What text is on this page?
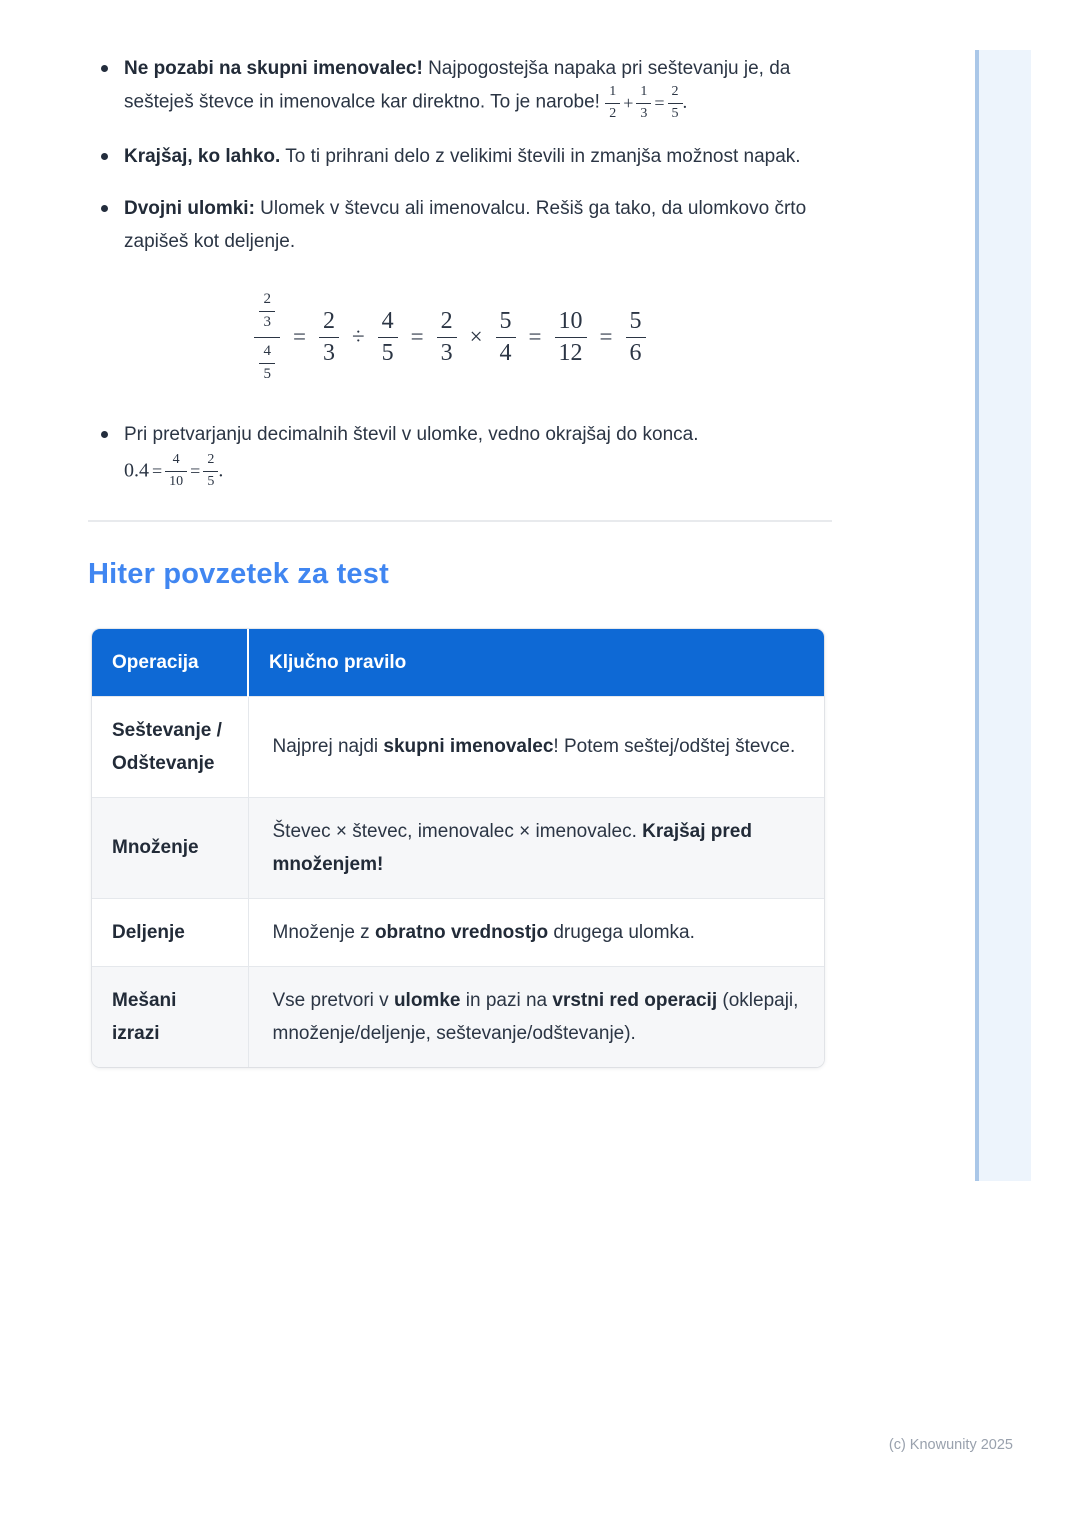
Ne pozabi na skupni imenovalec! Najpogostejša napaka pri seštevanju je, da sešteješ števce in imenovalce kar direktno. To je narobe! $\frac{1}{2} + \frac{1}{3} = \frac{2}{5}$ .
Krajšaj, ko lahko. To ti prihrani delo z velikimi števili in zmanjša možnost napak.
Dvojni ulomki: Ulomek v števcu ali imenovalcu. Rešiš ga tako, da ulomkovo črto zapišeš kot deljenje.
$\frac{\frac{2}{3}}{\frac{4}{5}} = \frac{2}{3} \div \frac{4}{5} = \frac{2}{3} \times \frac{5}{4} = \frac{10}{12} = \frac{5}{6}$
Pri pretvarjanju decimalnih števil v ulomke, vedno okrajšaj do konca.
$0.4 = \frac{4}{10} = \frac{2}{5}$ .
Hiter povzetek za test
Operacija	Ključno pravilo
Seštevanje / Odštevanje	Najprej najdi skupni imenovalec! Potem seštej/odštej števce.
Množenje	Števec × števec, imenovalec × imenovalec. Krajšaj pred množenjem!
Deljenje	Množenje z obratno vrednostjo drugega ulomka.
Mešani izrazi	Vse pretvori v ulomke in pazi na vrstni red operacij (oklepaji, množenje/deljenje, seštevanje/odštevanje).
(c) Knowunity 2025
